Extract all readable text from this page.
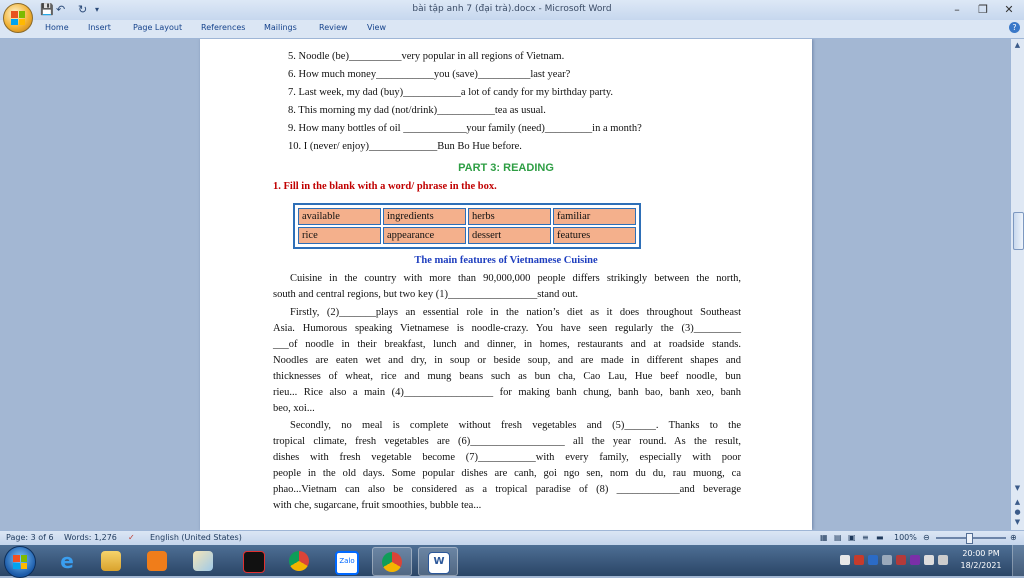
💾 ↶ ↻ ▾	bài tập anh 7 (đại trà).docx - Microsoft Word	–	❐	✕
Home Insert	Page Layout References Mailings	Review View	?
5. Noodle (be)__________very popular in all regions of Vietnam.
6. How much money___________you (save)__________last year?
7. Last week, my dad (buy)___________a lot of candy for my birthday party.
8. This morning my dad (not/drink)___________tea as usual.
9. How many bottles of oil ____________your family (need)_________in a month?
10. I (never/ enjoy)_____________Bun Bo Hue before.
PART 3: READING
1. Fill in the blank with a word/ phrase in the box.
available	ingredients	herbs	familiar
rice	appearance	dessert	features
The main features of Vietnamese Cuisine
Cuisine in the country with more than 90,000,000 people differs strikingly between the north,
south and central regions, but two key (1)_________________stand out.
Firstly, (2)_______plays an essential role in the nation’s diet as it does throughout Southeast
Asia. Humorous speaking Vietnamese is noodle-crazy. You have seen regularly the (3)_________
___of noodle in their breakfast, lunch and dinner, in homes, restaurants and at roadside stands.
Noodles are eaten wet and dry, in soup or beside soup, and are made in different shapes and
thicknesses of wheat, rice and mung beans such as bun cha, Cao Lau, Hue beef noodle, bun
rieu... Rice also a main (4)_________________ for making banh chung, banh bao, banh xeo, banh
beo, xoi...
Secondly, no meal is complete without fresh vegetables and (5)______. Thanks to the
tropical climate, fresh vegetables are (6)__________________ all the year round. As the result,
dishes with fresh vegetable become (7)___________with every family, especially with poor
people in the old days. Some popular dishes are canh, goi ngo sen, nom du du, rau muong, ca
phao...Vietnam can also be considered as a tropical paradise of (8) ____________and beverage
with che, sugarcane, fruit smoothies, bubble tea...
▲
▼
▲
●
▼
Page: 3 of 6 Words: 1,276 ✓ English (United States)	▦ ▤ ▣ ≡ ▬ 100% ⊖	⊕
e	Zalo	W
20:00 PM
18/2/2021
